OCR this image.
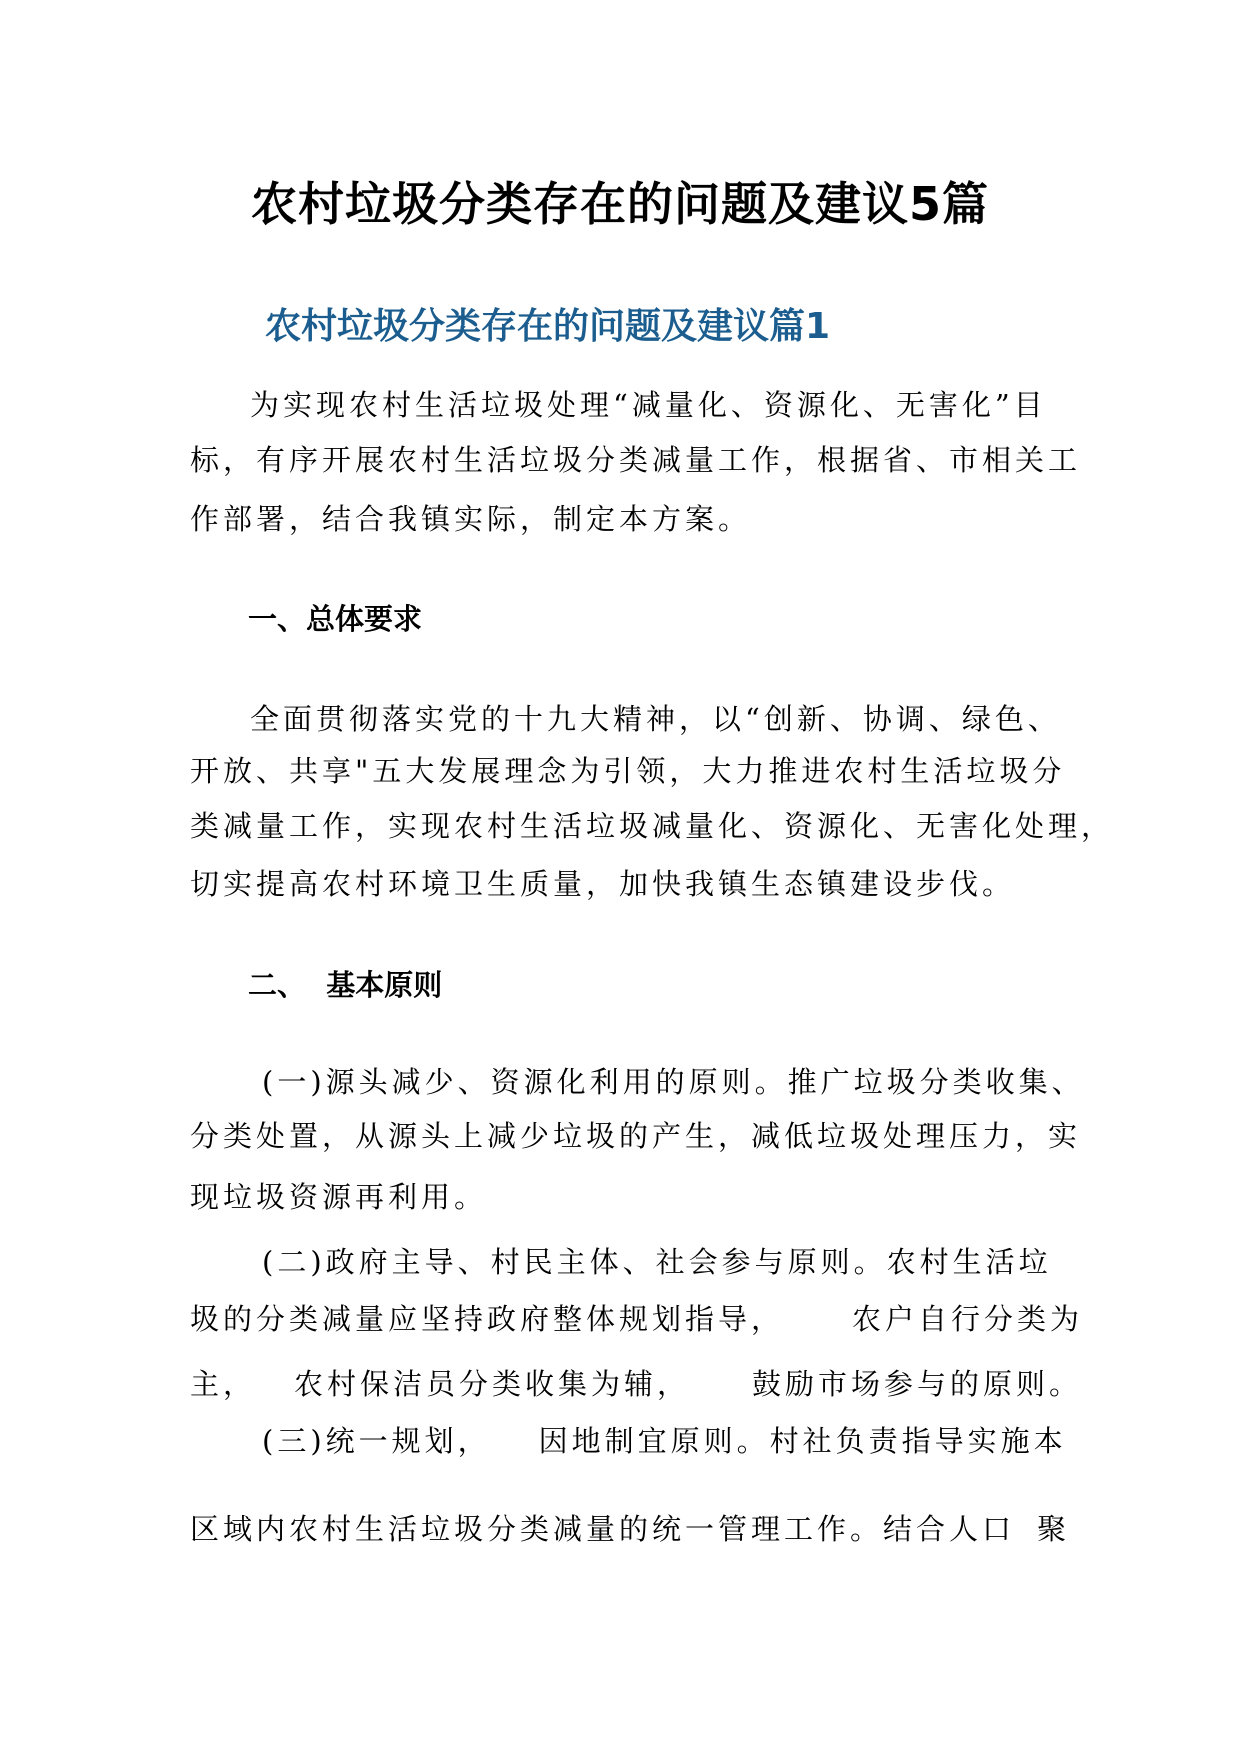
农村垃圾分类存在的问题及建议5篇
农村垃圾分类存在的问题及建议篇1
为实现农村生活垃圾处理“减量化、资源化、无害化”目
标，有序开展农村生活垃圾分类减量工作，根据省、市相关工
作部署，结合我镇实际，制定本方案。
一、总体要求
全面贯彻落实党的十九大精神，以“创新、协调、绿色、
开放、共享"五大发展理念为引领，大力推进农村生活垃圾分
类减量工作，实现农村生活垃圾减量化、资源化、无害化处理，
切实提高农村环境卫生质量，加快我镇生态镇建设步伐。
二、  基本原则
(一)源头减少、资源化利用的原则。推广垃圾分类收集、
分类处置，从源头上减少垃圾的产生，减低垃圾处理压力，实
现垃圾资源再利用。
(二)政府主导、村民主体、社会参与原则。农村生活垃
圾的分类减量应坚持政府整体规划指导， 农户自行分类为
主， 农村保洁员分类收集为辅， 鼓励市场参与的原则。
(三)统一规划， 因地制宜原则。村社负责指导实施本
区域内农村生活垃圾分类减量的统一管理工作。结合人口 聚
